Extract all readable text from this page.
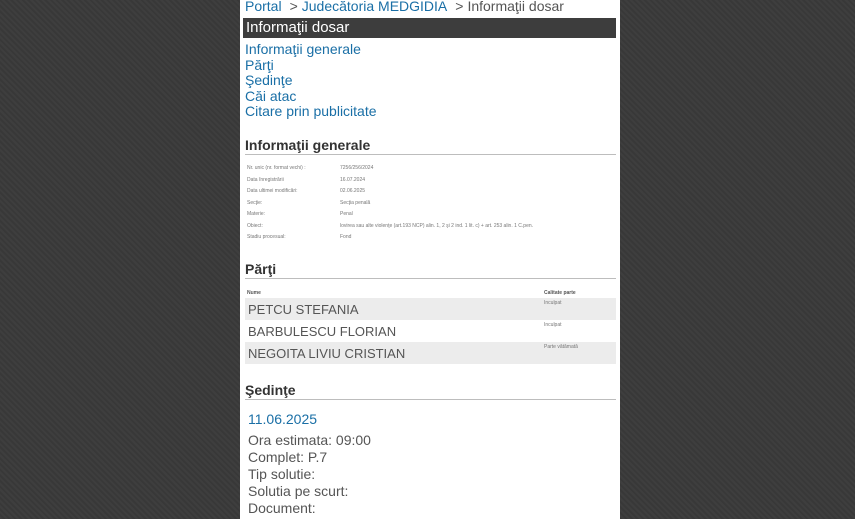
Portal > Judecătoria MEDGIDIA > Informaţii dosar
Informaţii dosar
Informaţii generale
Părţi
Şedinţe
Căi atac
Citare prin publicitate
Informaţii generale
Nr. unic (nr. format vechi) :	7256/256/2024
Data înregistrării	16.07.2024
Data ultimei modificări:	02.06.2025
Secţie:	Secţia penală
Materie:	Penal
Obiect:	lovirea sau alte violenţe (art.193 NCP) alin. 1, 2 şi 2 ind. 1 lit. c) + art. 253 alin. 1 C.pen.
Stadiu procesual:	Fond
Părţi
Nume	Calitate parte
PETCU STEFANIA	Inculpat
BARBULESCU FLORIAN	Inculpat
NEGOITA LIVIU CRISTIAN	Parte vătămată
Şedinţe
11.06.2025
Ora estimata: 09:00
Complet: P.7
Tip solutie:
Solutia pe scurt:
Document:
